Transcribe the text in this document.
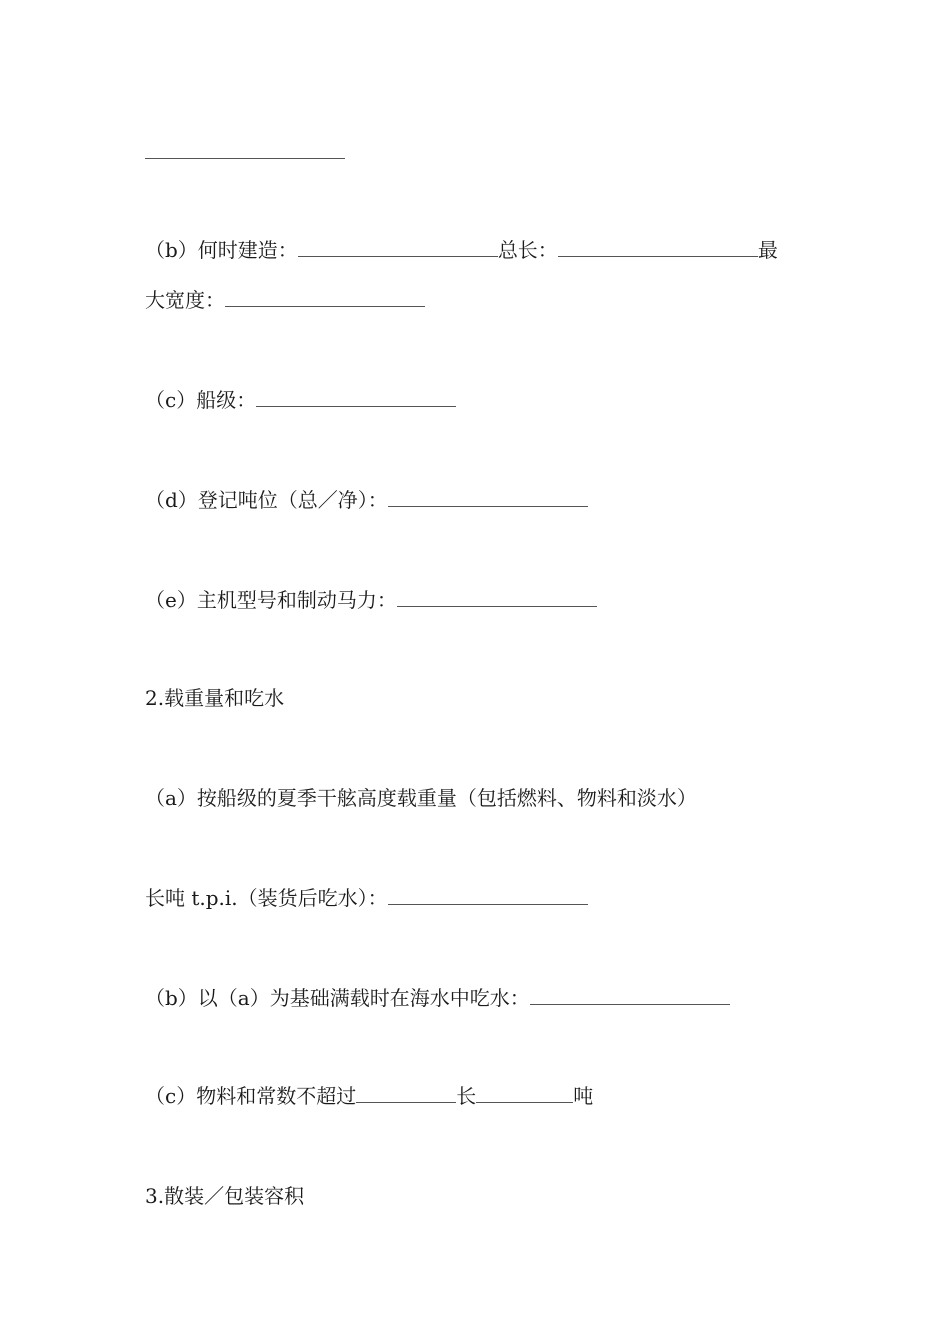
（b）何时建造：	总长：	最
大宽度：
（c）船级：
（d）登记吨位（总／净）：
（e）主机型号和制动马力：
2.载重量和吃水
（a）按船级的夏季干舷高度载重量（包括燃料、物料和淡水）
长吨 t.p.i.（装货后吃水）：
（b）以（a）为基础满载时在海水中吃水：
（c）物料和常数不超过	长	吨
3.散装／包装容积
